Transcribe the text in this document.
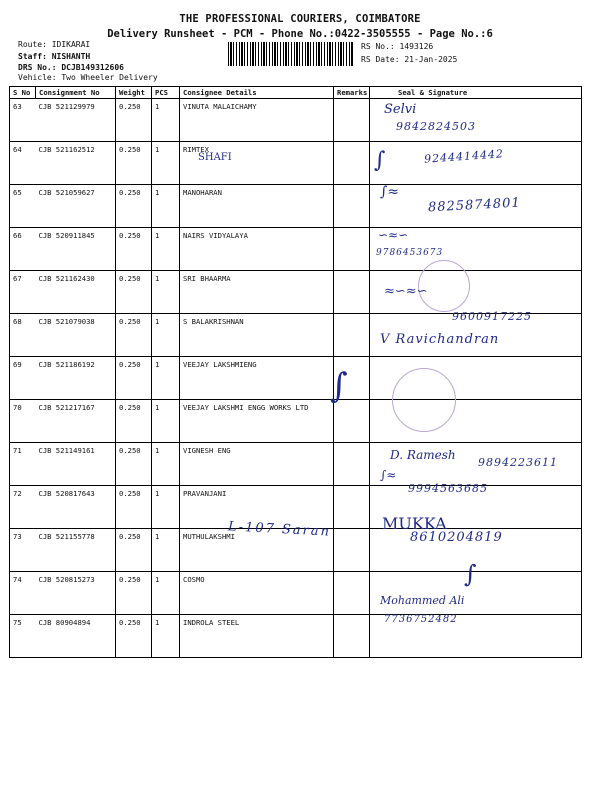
THE PROFESSIONAL COURIERS, COIMBATORE
Delivery Runsheet - PCM - Phone No.:0422-3505555 - Page No.:6
Route: IDIKARAI
Staff: NISHANTH
DRS No.: DCJB149312606
Vehicle: Two Wheeler Delivery
RS No.: 1493126
RS Date: 21-Jan-2025
S No	Consignment No	Weight	PCS	Consignee Details	Remarks	Seal & Signature
63	CJB 521129979	0.250	1	VINUTA MALAICHAMY		
64	CJB 521162512	0.250	1	RIMTEX		
65	CJB 521059627	0.250	1	MANOHARAN		
66	CJB 520911845	0.250	1	NAIRS VIDYALAYA		
67	CJB 521162430	0.250	1	SRI BHAARMA		
68	CJB 521079038	0.250	1	S BALAKRISHNAN		
69	CJB 521186192	0.250	1	VEEJAY LAKSHMIENG		
70	CJB 521217167	0.250	1	VEEJAY LAKSHMI ENGG WORKS LTD		
71	CJB 521149161	0.250	1	VIGNESH ENG		
72	CJB 520817643	0.250	1	PRAVANJANI		
73	CJB 521155778	0.250	1	MUTHULAKSHMI		
74	CJB 520815273	0.250	1	COSMO		
75	CJB 80904894	0.250	1	INDROLA STEEL		
Selvi
9842824503
SHAFI	∫	9244414442
∫≈
8825874801
∽≈∽
9786453673
≈∽≈∽
9600917225
V Ravichandran
∫
D. Ramesh
9894223611
∫≈
9994563685
L-107 Saran	MUKKA
8610204819
∫
Mohammed Ali
7736752482
